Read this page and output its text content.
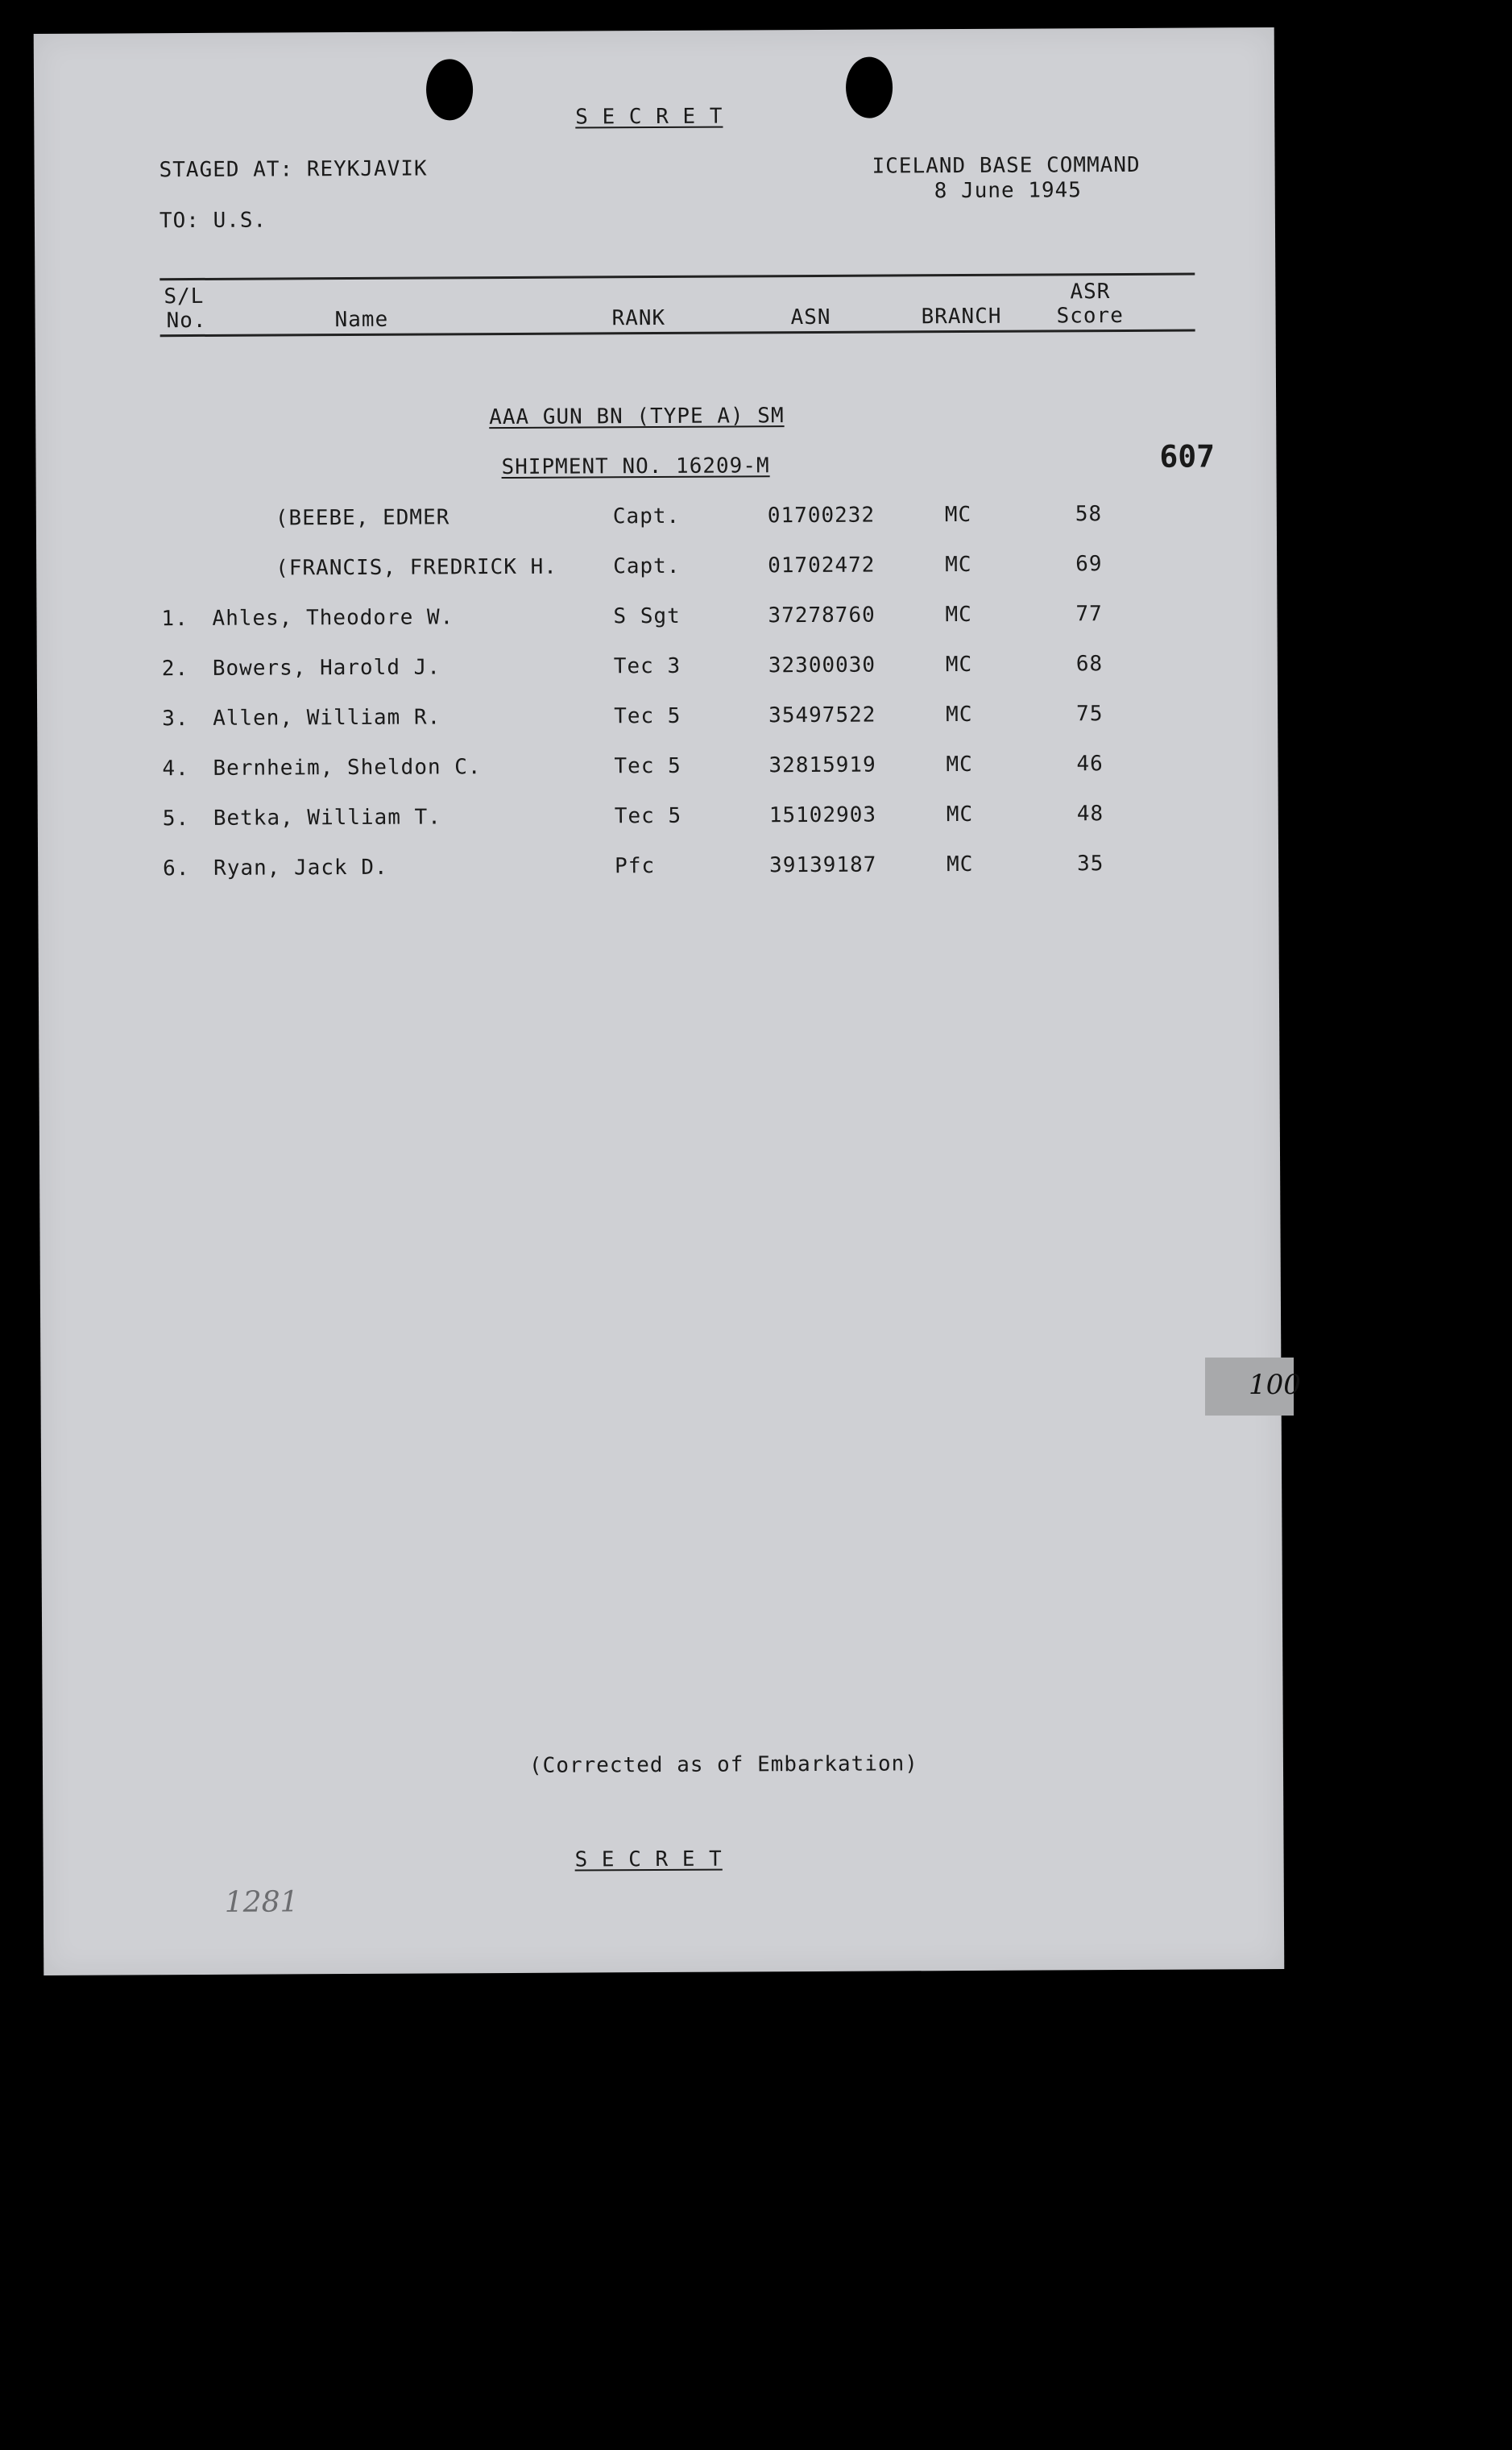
S E C R E T
STAGED AT: REYKJAVIK
TO: U.S.
ICELAND BASE COMMAND
8 June 1945
S/L	ASR
No.	Name	RANK	ASN	BRANCH	Score
AAA GUN BN (TYPE A) SM
SHIPMENT NO. 16209-M	607
(BEEBE, EDMER	Capt.	01700232	MC	58
(FRANCIS, FREDRICK H.	Capt.	01702472	MC	69
1. Ahles, Theodore W.	S Sgt	37278760	MC	77
2. Bowers, Harold J.	Tec 3	32300030	MC	68
3. Allen, William R.	Tec 5	35497522	MC	75
4. Bernheim, Sheldon C.	Tec 5	32815919	MC	46
5. Betka, William T.	Tec 5	15102903	MC	48
6. Ryan, Jack D.	Pfc	39139187	MC	35
(Corrected as of Embarkation)
S E C R E T
1281
100
